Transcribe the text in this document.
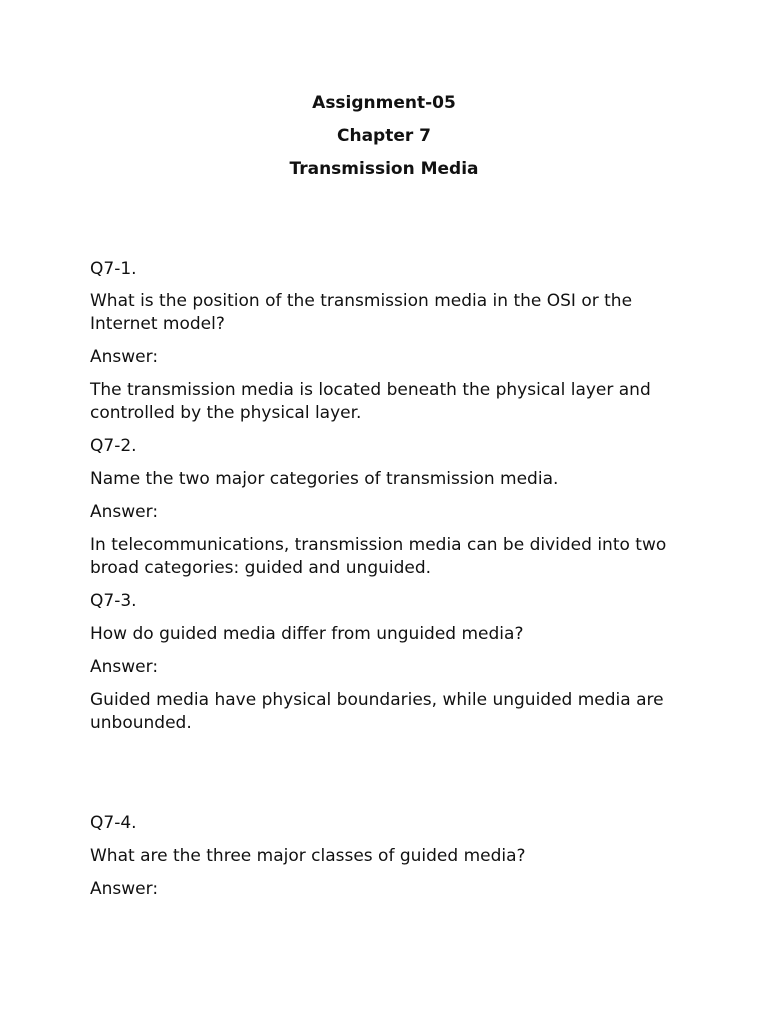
Assignment-05

Chapter 7

Transmission Media

Q7-1.

What is the position of the transmission media in the OSI or the Internet model?

Answer:

The transmission media is located beneath the physical layer and controlled by the physical layer.

Q7-2.

Name the two major categories of transmission media.

Answer:

In telecommunications, transmission media can be divided into two broad categories: guided and unguided.

Q7-3.

How do guided media differ from unguided media?

Answer:

Guided media have physical boundaries, while unguided media are unbounded.

Q7-4.

What are the three major classes of guided media?

Answer:
